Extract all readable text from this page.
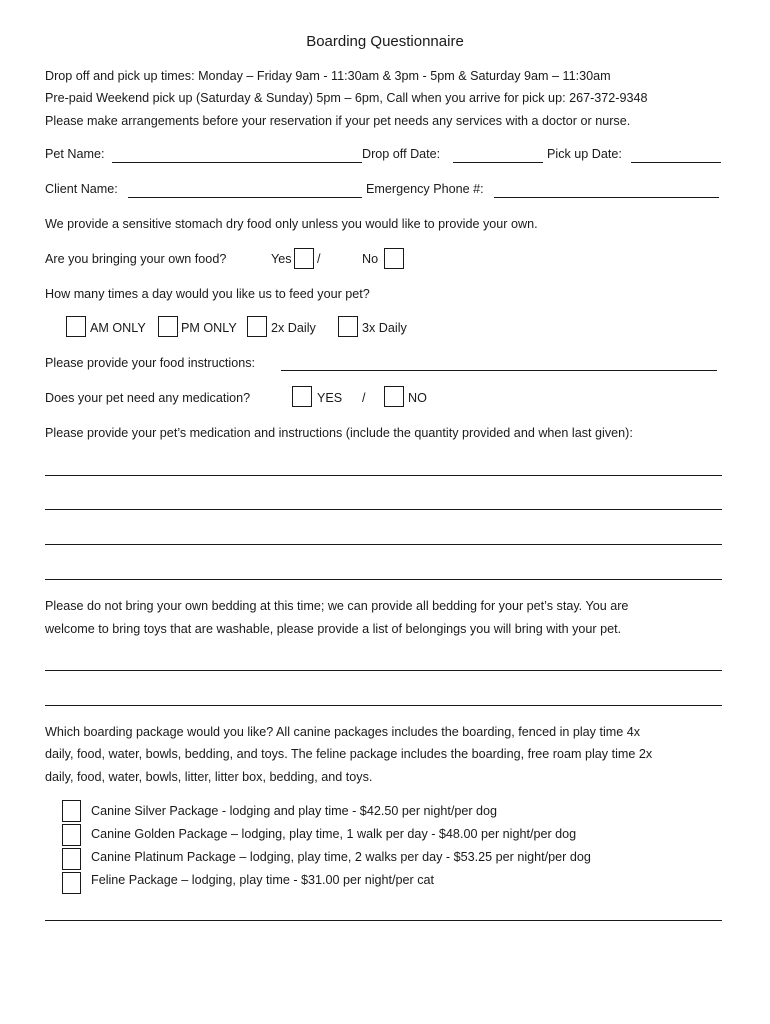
Boarding Questionnaire
Drop off and pick up times: Monday – Friday 9am - 11:30am & 3pm - 5pm & Saturday 9am – 11:30am
Pre-paid Weekend pick up (Saturday & Sunday) 5pm – 6pm, Call when you arrive for pick up: 267-372-9348
Please make arrangements before your reservation if your pet needs any services with a doctor or nurse.
Pet Name:	Drop off Date:	Pick up Date:
Client Name:	Emergency Phone #:
We provide a sensitive stomach dry food only unless you would like to provide your own.
Are you bringing your own food?	Yes /	No
How many times a day would you like us to feed your pet?
AM ONLY	PM ONLY	2x Daily	3x Daily
Please provide your food instructions:
Does your pet need any medication?	YES /	NO
Please provide your pet’s medication and instructions (include the quantity provided and when last given):
Please do not bring your own bedding at this time; we can provide all bedding for your pet’s stay. You are
welcome to bring toys that are washable, please provide a list of belongings you will bring with your pet.
Which boarding package would you like? All canine packages includes the boarding, fenced in play time 4x
daily, food, water, bowls, bedding, and toys. The feline package includes the boarding, free roam play time 2x
daily, food, water, bowls, litter, litter box, bedding, and toys.
Canine Silver Package - lodging and play time - $42.50 per night/per dog
Canine Golden Package – lodging, play time, 1 walk per day - $48.00 per night/per dog
Canine Platinum Package – lodging, play time, 2 walks per day - $53.25 per night/per dog
Feline Package – lodging, play time - $31.00 per night/per cat
